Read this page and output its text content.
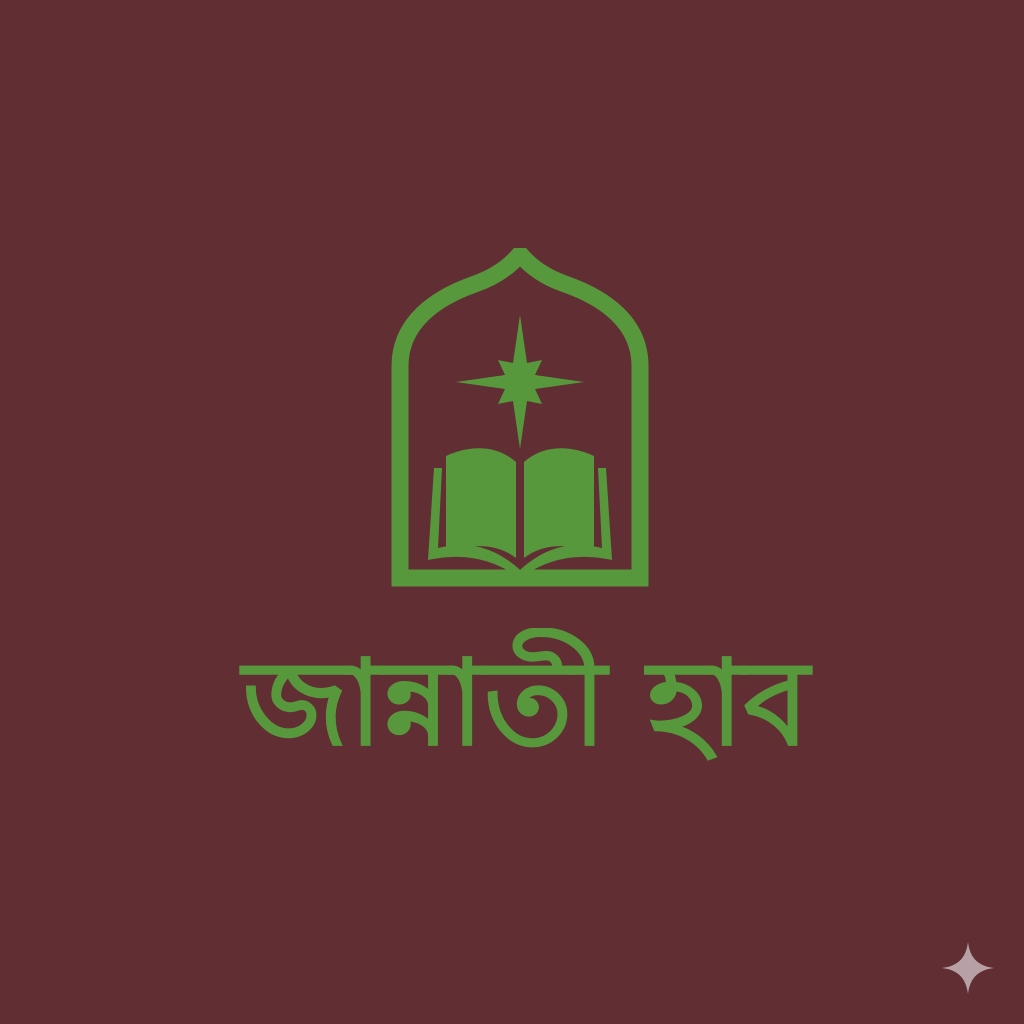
জান্নাতী হাব
